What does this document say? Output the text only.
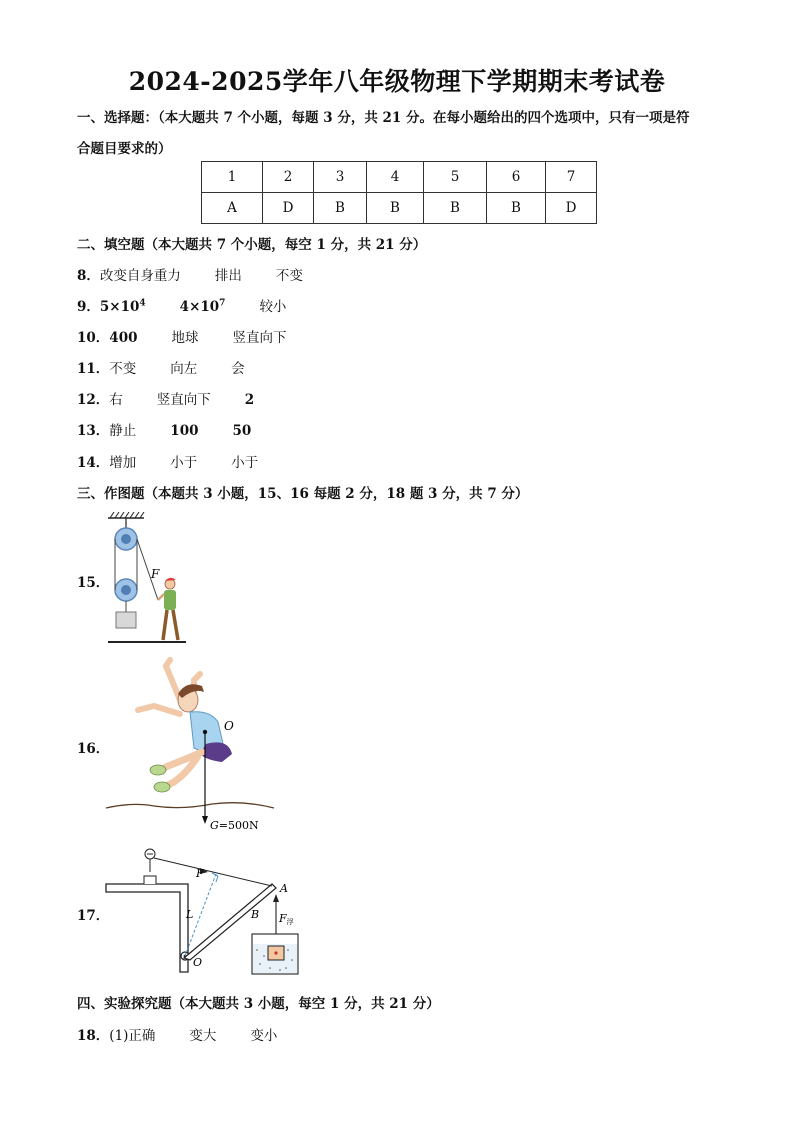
2024-2025学年八年级物理下学期期末考试卷
一、选择题：（本大题共 7 个小题，每题 3 分，共 21 分。在每小题给出的四个选项中，只有一项是符
合题目要求的）
1	2	3	4	5	6	7
A	D	B	B	B	B	D
二、填空题（本大题共 7 个小题，每空 1 分，共 21 分）
8．改变自身重力	排出	不变
9．$5\times 10^4$	$4\times 10^7$	较小
10．400	地球	竖直向下
11．不变	向左	会
12．右	竖直向下	2
13．静止	100	50
14．增加	小于	小于
三、作图题（本题共 3 小题，15、16 每题 2 分，18 题 3 分，共 7 分）
15．
F
16．
O
G=500N
17．
F
A
B
L
O
F浮
四、实验探究题（本大题共 3 小题，每空 1 分，共 21 分）
18．(1)正确	变大	变小
